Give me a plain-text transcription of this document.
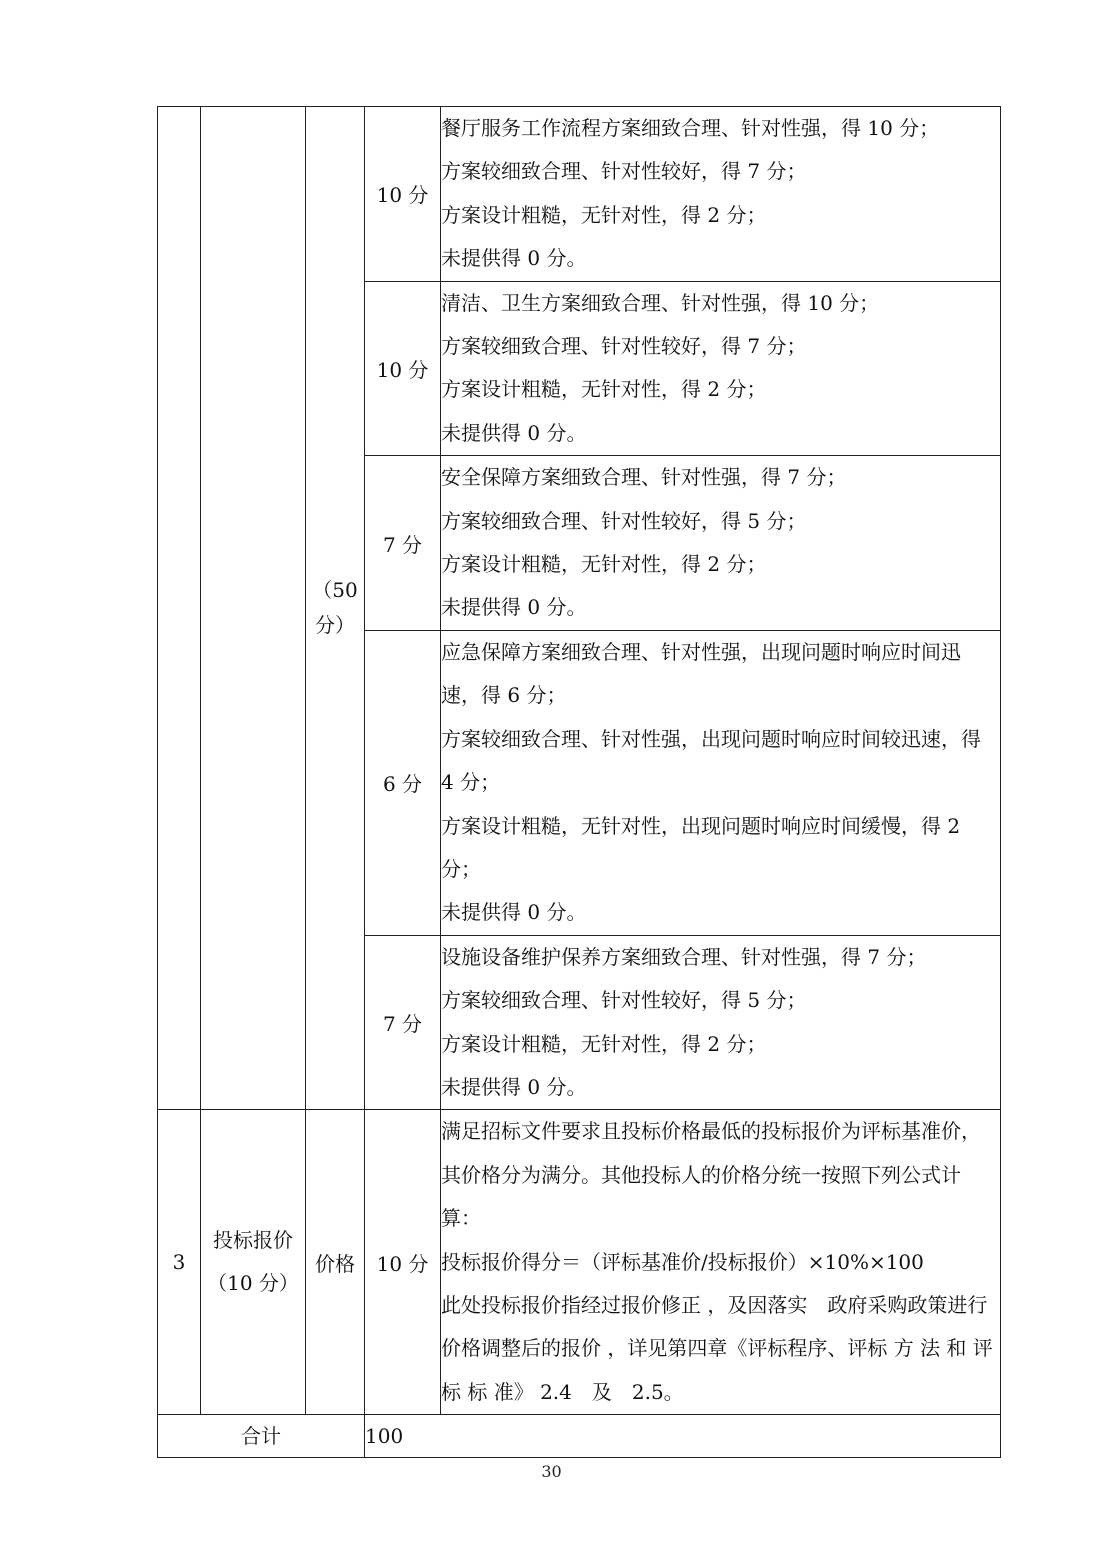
		（50
分）	10 分	餐厅服务工作流程方案细致合理、针对性强，得 10 分；
方案较细致合理、针对性较好，得 7 分；
方案设计粗糙，无针对性，得 2 分；
未提供得 0 分。

			10 分	清洁、卫生方案细致合理、针对性强，得 10 分；
方案较细致合理、针对性较好，得 7 分；
方案设计粗糙，无针对性，得 2 分；
未提供得 0 分。

			7 分	安全保障方案细致合理、针对性强，得 7 分；
方案较细致合理、针对性较好，得 5 分；
方案设计粗糙，无针对性，得 2 分；
未提供得 0 分。

			6 分	应急保障方案细致合理、针对性强，出现问题时响应时间迅速，得 6 分；
方案较细致合理、针对性强，出现问题时响应时间较迅速，得 4 分；
方案设计粗糙，无针对性，出现问题时响应时间缓慢，得 2 分；
未提供得 0 分。

			7 分	设施设备维护保养方案细致合理、针对性强，得 7 分；
方案较细致合理、针对性较好，得 5 分；
方案设计粗糙，无针对性，得 2 分；
未提供得 0 分。

3	投标报价
（10 分）	价格	10 分	满足招标文件要求且投标价格最低的投标报价为评标基准价，其价格分为满分。其他投标人的价格分统一按照下列公式计算：
投标报价得分＝（评标基准价/投标报价）×10%×100
此处投标报价指经过报价修正 ，及因落实　政府采购政策进行价格调整后的报价 ，详见第四章《评标程序、评标 方 法 和 评 标 标 准》 2.4　及　2.5。

合计			100	
30
